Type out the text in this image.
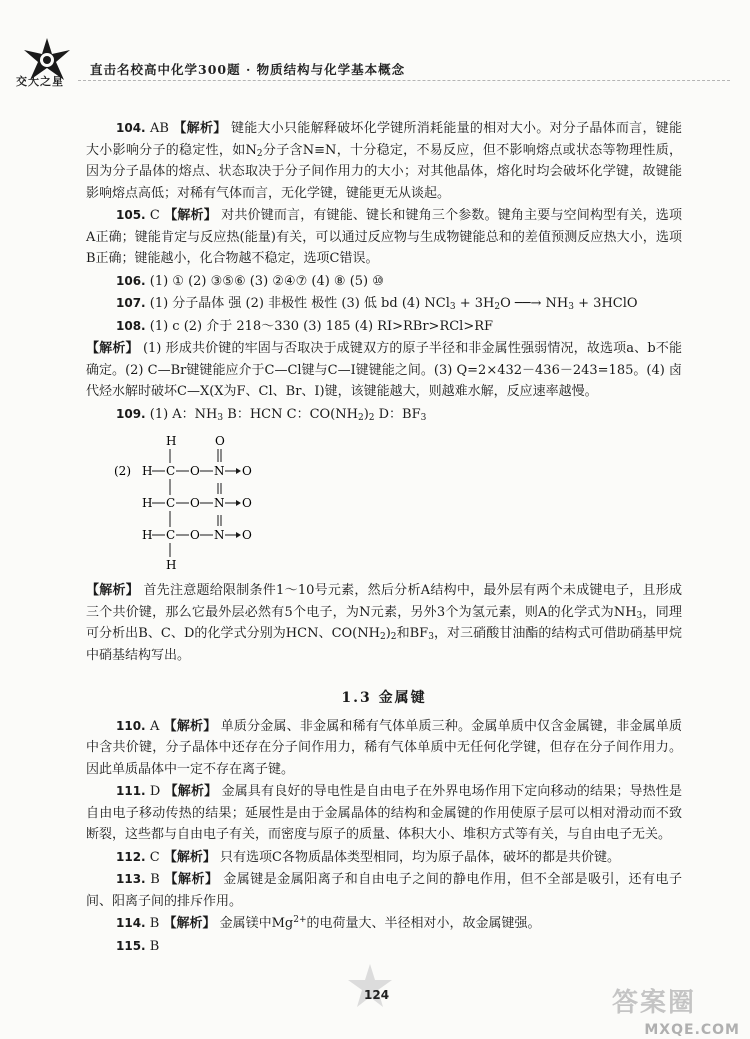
交大之星
直击名校高中化学300题 · 物质结构与化学基本概念

104. AB 【解析】 键能大小只能解释破坏化学键所消耗能量的相对大小。对分子晶体而言，键能大小影响分子的稳定性，如$N_2$分子含N≡N，十分稳定，不易反应，但不影响熔点或状态等物理性质，因为分子晶体的熔点、状态取决于分子间作用力的大小；对其他晶体，熔化时均会破坏化学键，故键能影响熔点高低；对稀有气体而言，无化学键，键能更无从谈起。

105. C 【解析】 对共价键而言，有键能、键长和键角三个参数。键角主要与空间构型有关，选项A正确；键能肯定与反应热(能量)有关，可以通过反应物与生成物键能总和的差值预测反应热大小，选项B正确；键能越小，化合物越不稳定，选项C错误。

106. (1) ① (2) ③⑤⑥ (3) ②④⑦ (4) ⑧ (5) ⑩

107. (1) 分子晶体 强 (2) 非极性 极性 (3) 低 bd (4) $NCl_3 + 3H_2O$ ──→ $NH_3$ + 3HClO

108. (1) c (2) 介于 218～330 (3) 185 (4) RI>RBr>RCl>RF

【解析】 (1) 形成共价键的牢固与否取决于成键双方的原子半径和非金属性强弱情况，故选项a、b不能确定。(2) C—Br键键能应介于C—Cl键与C—I键键能之间。(3) Q=2×432－436－243=185。(4) 卤代烃水解时破坏C—X(X为F、Cl、Br、I)键，该键能越大，则越难水解，反应速率越慢。

109. (1) A：$NH_3$ B：HCN C：$CO(NH_2)_2$ D：$BF_3$

(2)
H
H C O N
O
O
H C O N O
C O N O
H
H

【解析】 首先注意题给限制条件1～10号元素，然后分析A结构中，最外层有两个未成键电子，且形成三个共价键，那么它最外层必然有5个电子，为N元素，另外3个为氢元素，则A的化学式为$NH_3$，同理可分析出B、C、D的化学式分别为HCN、$CO(NH_2)_2$和$BF_3$，对三硝酸甘油酯的结构式可借助硝基甲烷中硝基结构写出。

1.3 金属键

110. A 【解析】 单质分金属、非金属和稀有气体单质三种。金属单质中仅含金属键，非金属单质中含共价键，分子晶体中还存在分子间作用力，稀有气体单质中无任何化学键，但存在分子间作用力。因此单质晶体中一定不存在离子键。

111. D 【解析】 金属具有良好的导电性是自由电子在外界电场作用下定向移动的结果；导热性是自由电子移动传热的结果；延展性是由于金属晶体的结构和金属键的作用使原子层可以相对滑动而不致断裂，这些都与自由电子有关，而密度与原子的质量、体积大小、堆积方式等有关，与自由电子无关。

112. C 【解析】 只有选项C各物质晶体类型相同，均为原子晶体，破坏的都是共价键。

113. B 【解析】 金属键是金属阳离子和自由电子之间的静电作用，但不全部是吸引，还有电子间、阳离子间的排斥作用。

114. B 【解析】 金属镁中$Mg^{2+}$的电荷量大、半径相对小，故金属键强。

115. B

124	答案圈
MXQE.COM
